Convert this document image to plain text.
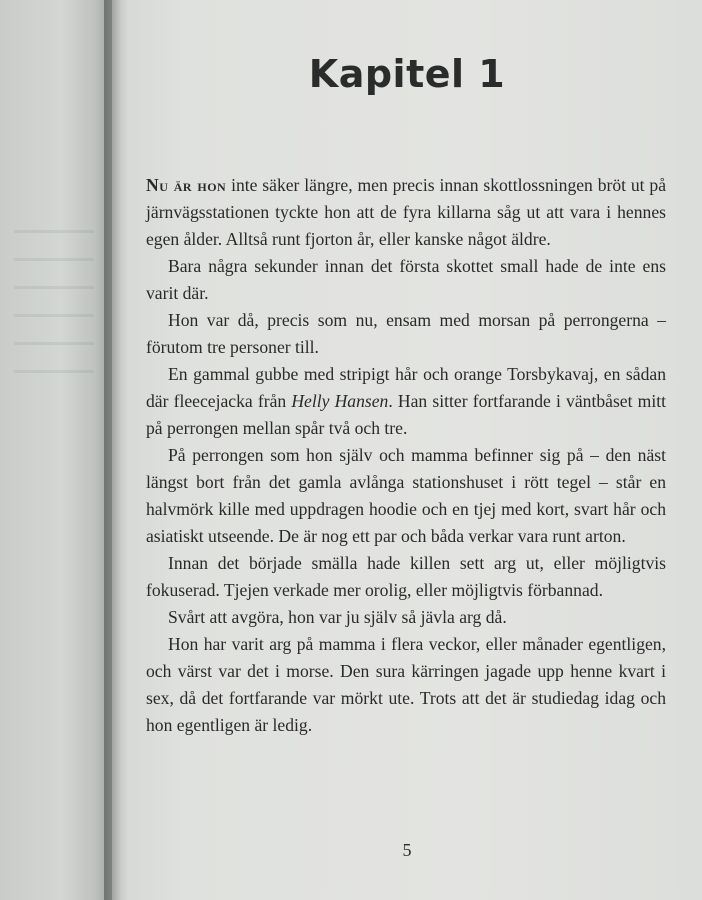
Kapitel 1

Nu är hon inte säker längre, men precis innan skottlossningen bröt ut på järnvägsstationen tyckte hon att de fyra killarna såg ut att vara i hennes egen ålder. Alltså runt fjorton år, eller kanske något äldre.

Bara några sekunder innan det första skottet small hade de inte ens varit där.

Hon var då, precis som nu, ensam med morsan på perrongerna – förutom tre personer till.

En gammal gubbe med stripigt hår och orange Torsbykavaj, en sådan där fleecejacka från Helly Hansen. Han sitter fortfarande i väntbåset mitt på perrongen mellan spår två och tre.

På perrongen som hon själv och mamma befinner sig på – den näst längst bort från det gamla avlånga stationshuset i rött tegel – står en halvmörk kille med uppdragen hoodie och en tjej med kort, svart hår och asiatiskt utseende. De är nog ett par och båda verkar vara runt arton.

Innan det började smälla hade killen sett arg ut, eller möjligtvis fokuserad. Tjejen verkade mer orolig, eller möjligtvis förbannad.

Svårt att avgöra, hon var ju själv så jävla arg då.

Hon har varit arg på mamma i flera veckor, eller månader egentligen, och värst var det i morse. Den sura kärringen jagade upp henne kvart i sex, då det fortfarande var mörkt ute. Trots att det är studiedag idag och hon egentligen är ledig.

5
